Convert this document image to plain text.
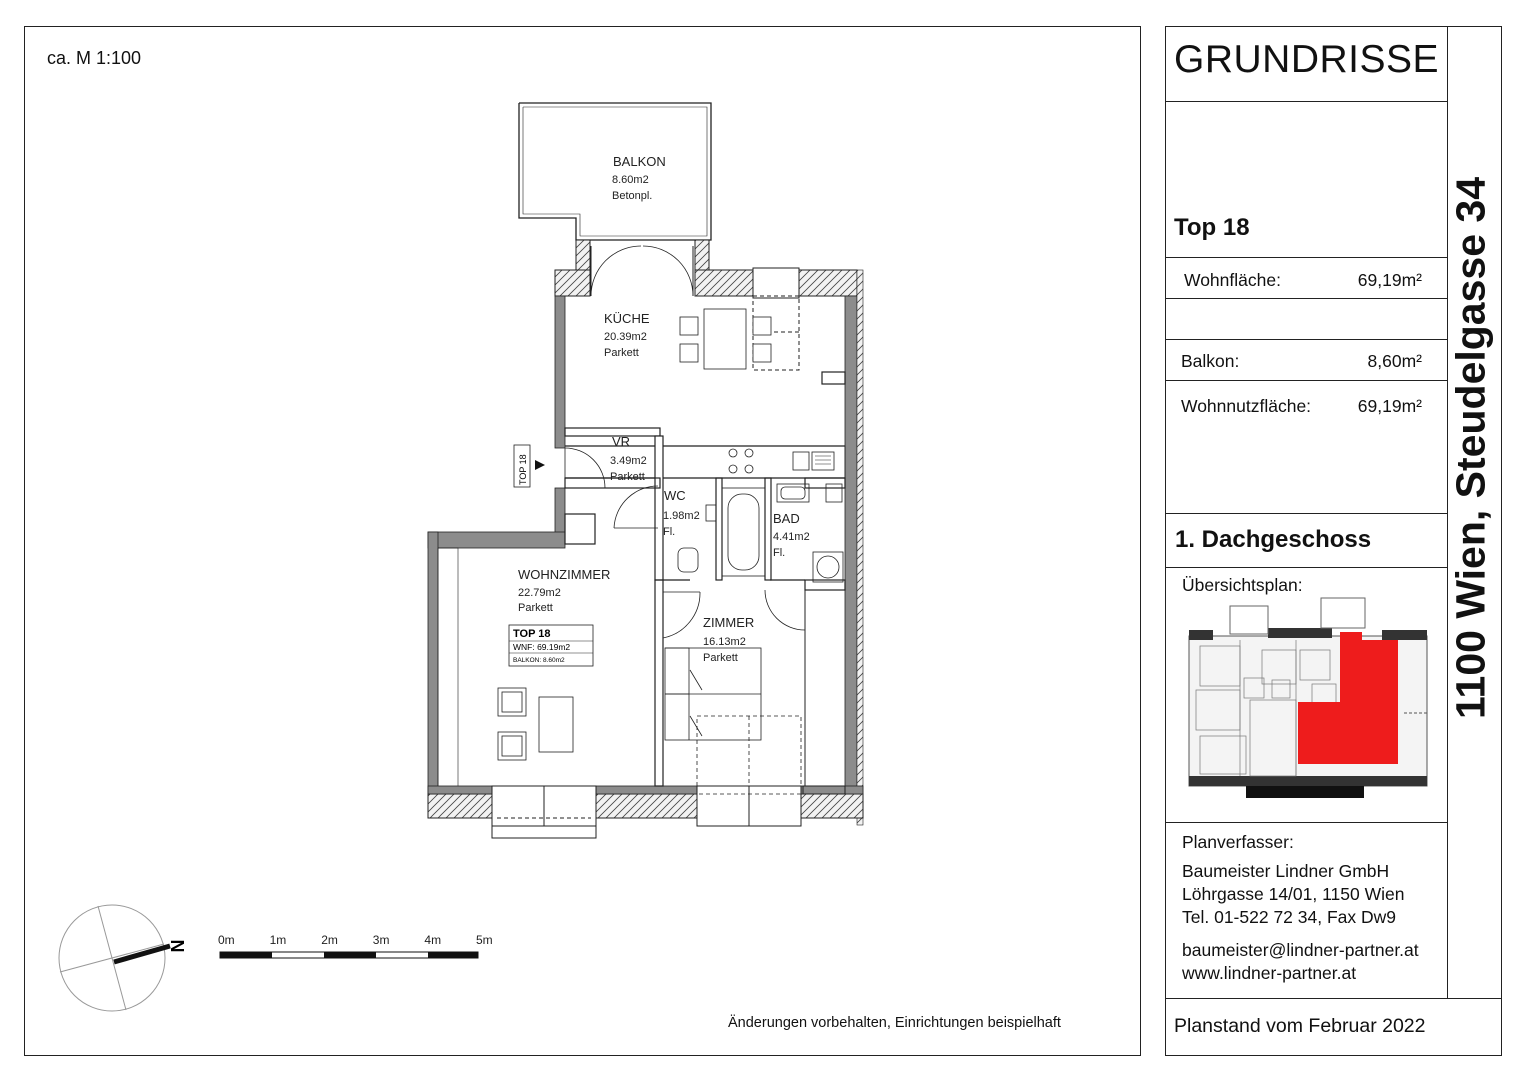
ca. M 1:100
Änderungen vorbehalten, Einrichtungen beispielhaft
GRUNDRISSE
Top 18
Wohnfläche:	69,19m²
Balkon:	8,60m²
Wohnnutzfläche:	69,19m²
1. Dachgeschoss
Übersichtsplan:
Planverfasser:
Baumeister Lindner GmbH
Löhrgasse 14/01, 1150 Wien
Tel. 01-522 72 34, Fax Dw9
baumeister@lindner-partner.at
www.lindner-partner.at
Planstand vom Februar 2022
1100 Wien, Steudelgasse 34
TOP 18
BALKON
8.60m2
Betonpl.
KÜCHE
20.39m2
Parkett
VR
3.49m2
Parkett
WC
1.98m2
Fl.
BAD
4.41m2
Fl.
WOHNZIMMER
22.79m2
Parkett
ZIMMER
16.13m2
Parkett
TOP 18
WNF: 69.19m2
BALKON: 8.60m2
N	0m	1m	2m	3m	4m	5m
